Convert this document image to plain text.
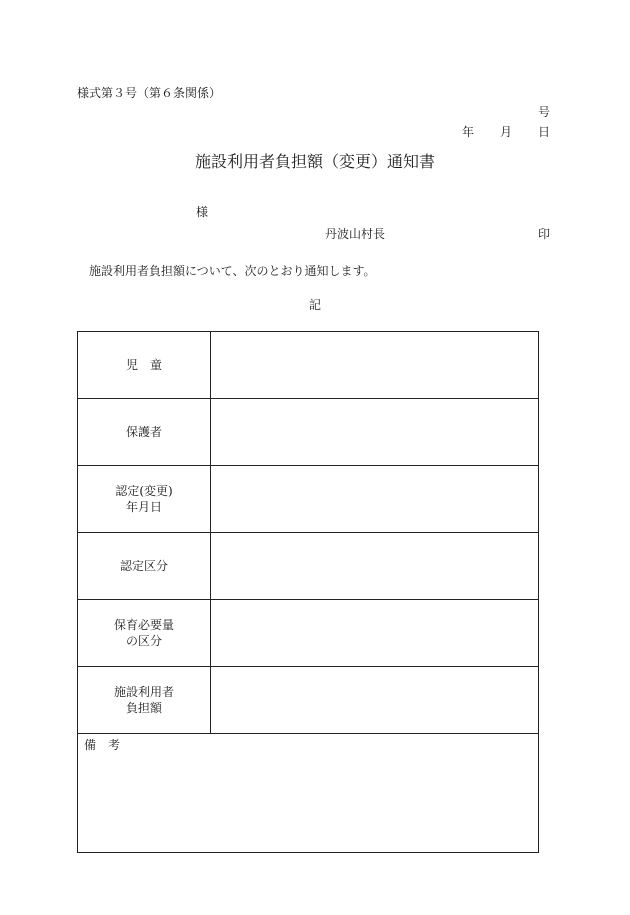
様式第３号（第６条関係）
号
年 月 日
施設利用者負担額（変更）通知書
様
丹波山村長	印
施設利用者負担額について、次のとおり通知します。
記
児　童
保護者
認定(変更)
年月日
認定区分
保育必要量
の区分
施設利用者
負担額
備　考
